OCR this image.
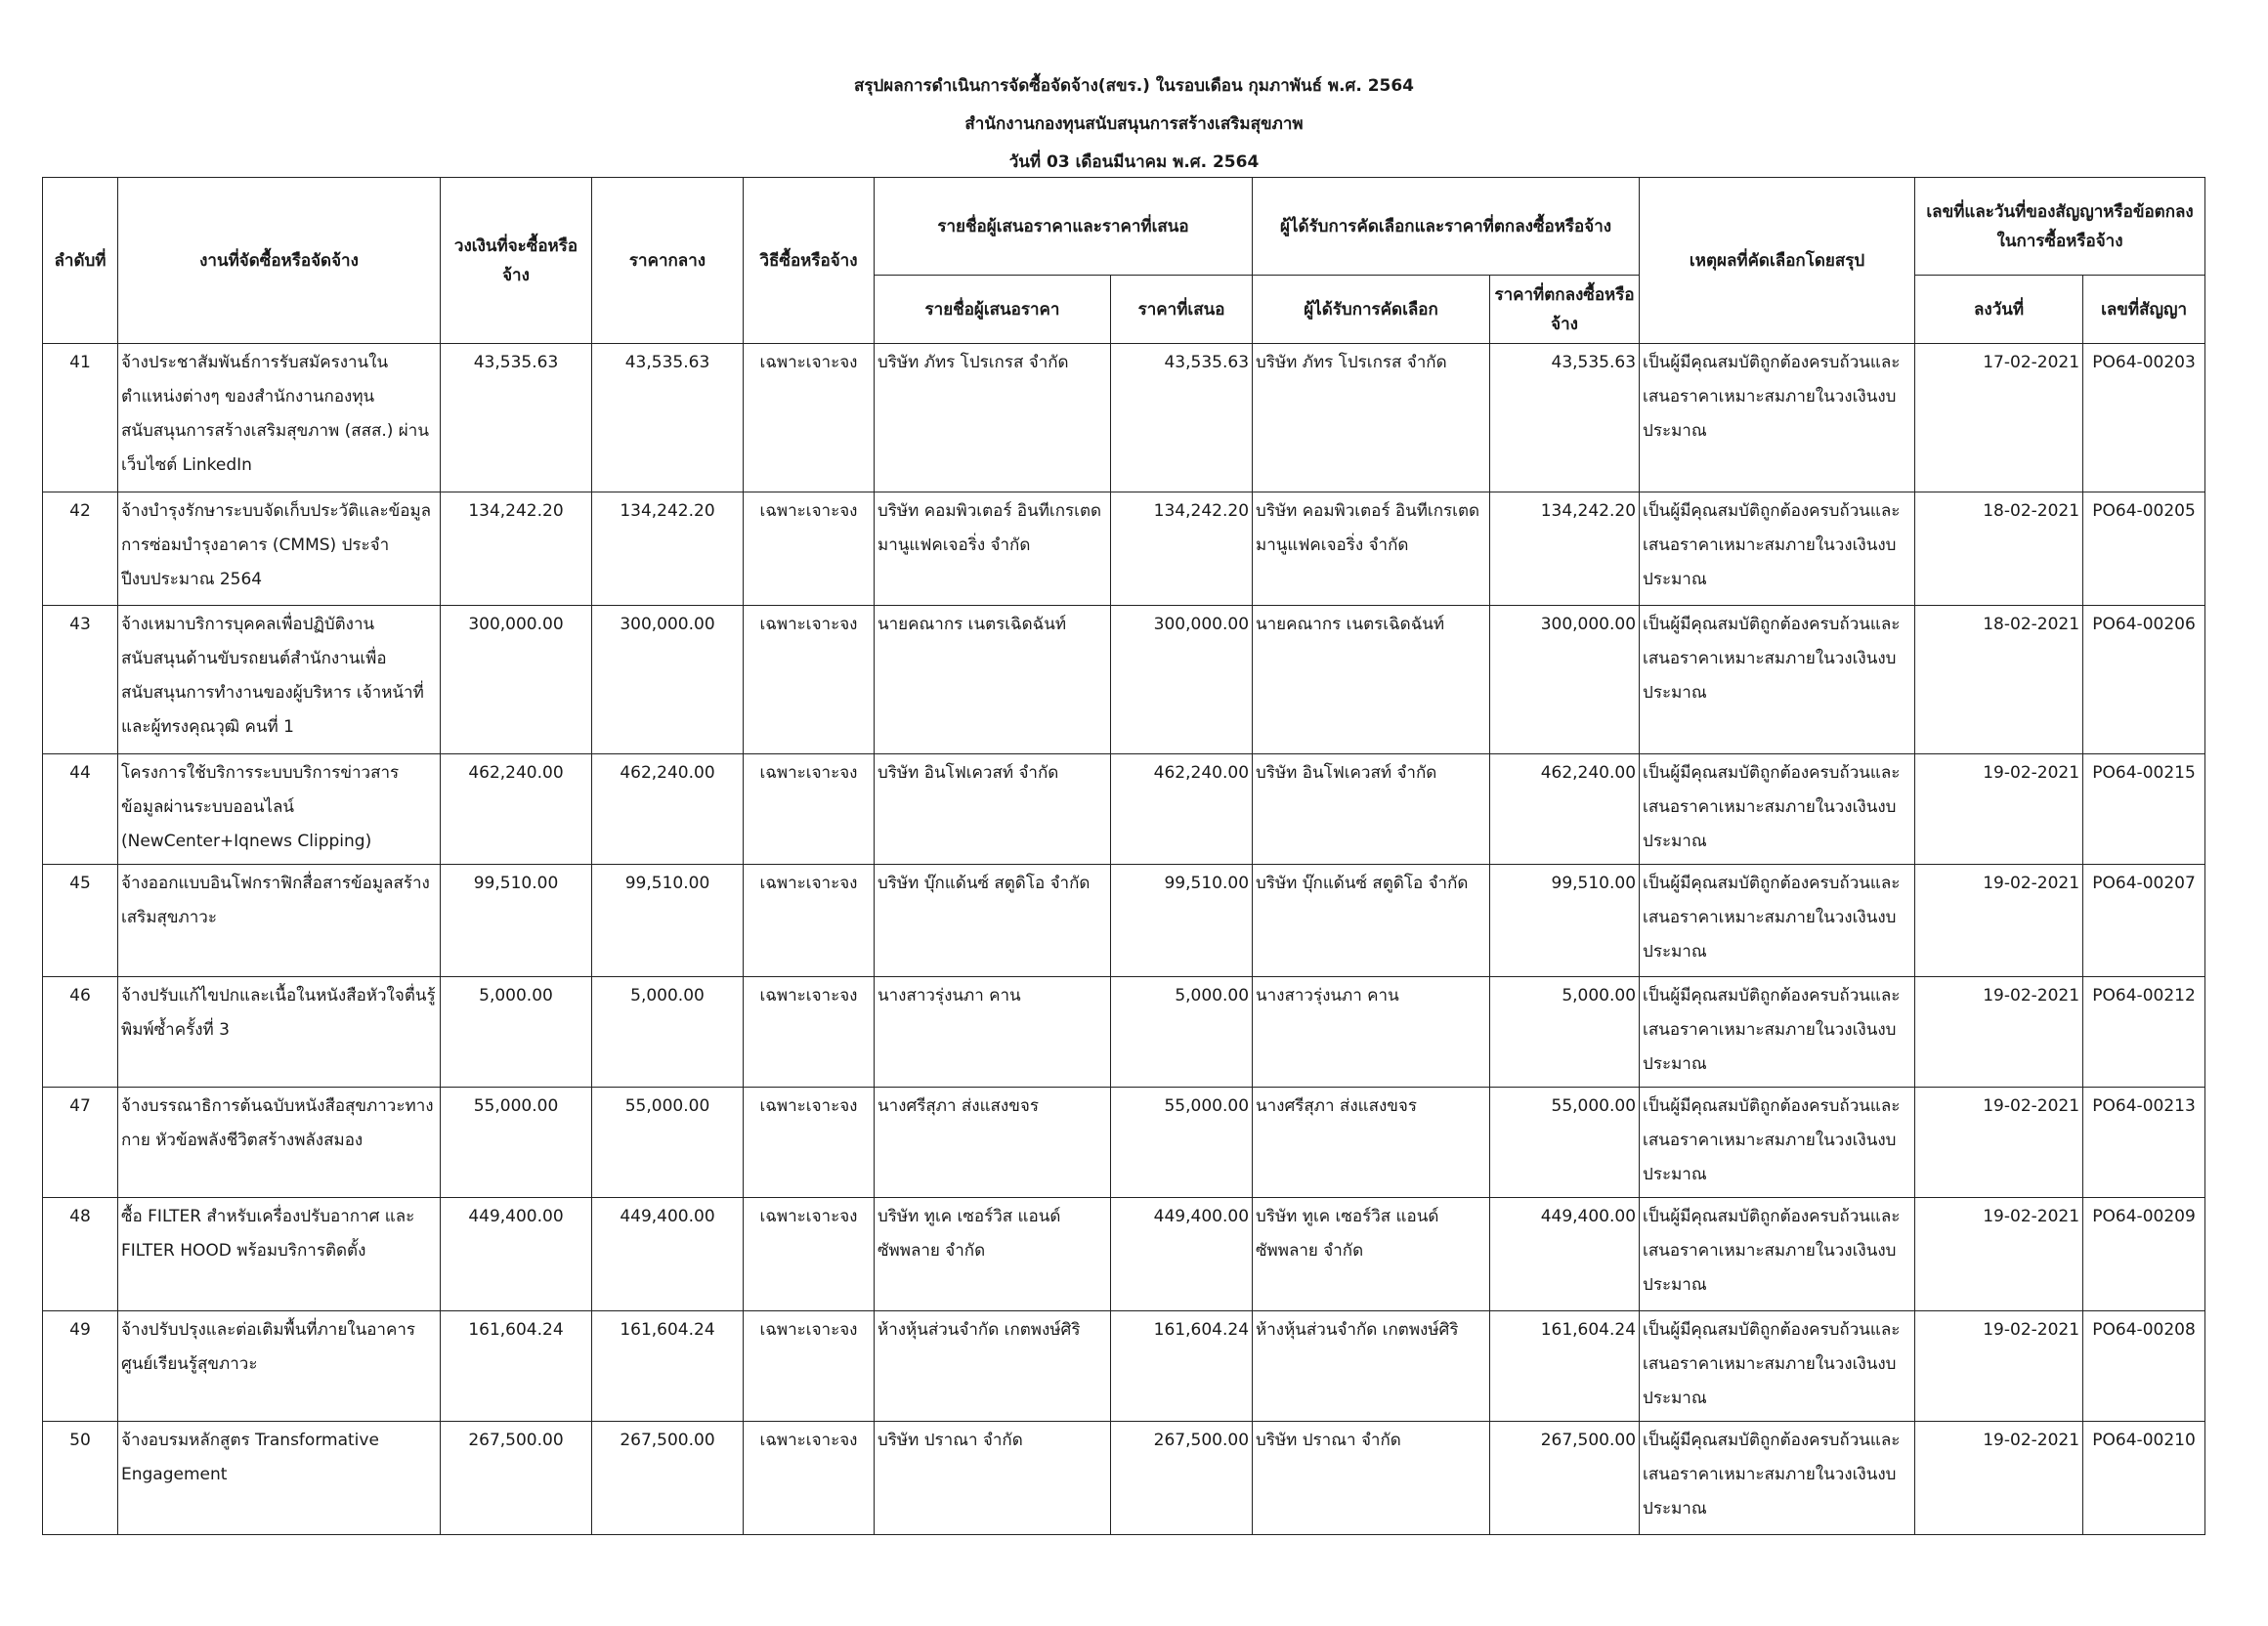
สรุปผลการดำเนินการจัดซื้อจัดจ้าง(สขร.) ในรอบเดือน กุมภาพันธ์ พ.ศ. 2564
สำนักงานกองทุนสนับสนุนการสร้างเสริมสุขภาพ
วันที่ 03 เดือนมีนาคม พ.ศ. 2564
ลำดับที่	งานที่จัดซื้อหรือจัดจ้าง	วงเงินที่จะซื้อหรือจ้าง	ราคากลาง	วิธีซื้อหรือจ้าง	รายชื่อผู้เสนอราคาและราคาที่เสนอ		ผู้ได้รับการคัดเลือกและราคาที่ตกลงซื้อหรือจ้าง		เหตุผลที่คัดเลือกโดยสรุป	เลขที่และวันที่ของสัญญาหรือข้อตกลงในการซื้อหรือจ้าง	
					รายชื่อผู้เสนอราคา	ราคาที่เสนอ	ผู้ได้รับการคัดเลือก	ราคาที่ตกลงซื้อหรือจ้าง		ลงวันที่	เลขที่สัญญา
41	จ้างประชาสัมพันธ์การรับสมัครงานในตำแหน่งต่างๆ ของสำนักงานกองทุนสนับสนุนการสร้างเสริมสุขภาพ (สสส.) ผ่านเว็บไซต์ LinkedIn	43,535.63	43,535.63	เฉพาะเจาะจง	บริษัท ภัทร โปรเกรส จำกัด	43,535.63	บริษัท ภัทร โปรเกรส จำกัด	43,535.63	เป็นผู้มีคุณสมบัติถูกต้องครบถ้วนและเสนอราคาเหมาะสมภายในวงเงินงบประมาณ	17-02-2021	PO64-00203
42	จ้างบำรุงรักษาระบบจัดเก็บประวัติและข้อมูลการซ่อมบำรุงอาคาร (CMMS) ประจำปีงบประมาณ 2564	134,242.20	134,242.20	เฉพาะเจาะจง	บริษัท คอมพิวเตอร์ อินทีเกรเตด มานูแฟคเจอริ่ง จำกัด	134,242.20	บริษัท คอมพิวเตอร์ อินทีเกรเตด มานูแฟคเจอริ่ง จำกัด	134,242.20	เป็นผู้มีคุณสมบัติถูกต้องครบถ้วนและเสนอราคาเหมาะสมภายในวงเงินงบประมาณ	18-02-2021	PO64-00205
43	จ้างเหมาบริการบุคคลเพื่อปฏิบัติงานสนับสนุนด้านขับรถยนต์สำนักงานเพื่อสนับสนุนการทำงานของผู้บริหาร เจ้าหน้าที่ และผู้ทรงคุณวุฒิ คนที่ 1	300,000.00	300,000.00	เฉพาะเจาะจง	นายคณากร เนตรเฉิดฉันท์	300,000.00	นายคณากร เนตรเฉิดฉันท์	300,000.00	เป็นผู้มีคุณสมบัติถูกต้องครบถ้วนและเสนอราคาเหมาะสมภายในวงเงินงบประมาณ	18-02-2021	PO64-00206
44	โครงการใช้บริการระบบบริการข่าวสารข้อมูลผ่านระบบออนไลน์ (NewCenter+Iqnews Clipping)	462,240.00	462,240.00	เฉพาะเจาะจง	บริษัท อินโฟเควสท์ จำกัด	462,240.00	บริษัท อินโฟเควสท์ จำกัด	462,240.00	เป็นผู้มีคุณสมบัติถูกต้องครบถ้วนและเสนอราคาเหมาะสมภายในวงเงินงบประมาณ	19-02-2021	PO64-00215
45	จ้างออกแบบอินโฟกราฟิกสื่อสารข้อมูลสร้างเสริมสุขภาวะ	99,510.00	99,510.00	เฉพาะเจาะจง	บริษัท บุ๊กแด้นซ์ สตูดิโอ จำกัด	99,510.00	บริษัท บุ๊กแด้นซ์ สตูดิโอ จำกัด	99,510.00	เป็นผู้มีคุณสมบัติถูกต้องครบถ้วนและเสนอราคาเหมาะสมภายในวงเงินงบประมาณ	19-02-2021	PO64-00207
46	จ้างปรับแก้ไขปกและเนื้อในหนังสือหัวใจตื่นรู้ พิมพ์ซ้ำครั้งที่ 3	5,000.00	5,000.00	เฉพาะเจาะจง	นางสาวรุ่งนภา คาน	5,000.00	นางสาวรุ่งนภา คาน	5,000.00	เป็นผู้มีคุณสมบัติถูกต้องครบถ้วนและเสนอราคาเหมาะสมภายในวงเงินงบประมาณ	19-02-2021	PO64-00212
47	จ้างบรรณาธิการต้นฉบับหนังสือสุขภาวะทางกาย หัวข้อพลังชีวิตสร้างพลังสมอง	55,000.00	55,000.00	เฉพาะเจาะจง	นางศรีสุภา ส่งแสงขจร	55,000.00	นางศรีสุภา ส่งแสงขจร	55,000.00	เป็นผู้มีคุณสมบัติถูกต้องครบถ้วนและเสนอราคาเหมาะสมภายในวงเงินงบประมาณ	19-02-2021	PO64-00213
48	ซื้อ FILTER สำหรับเครื่องปรับอากาศ และ FILTER HOOD พร้อมบริการติดตั้ง	449,400.00	449,400.00	เฉพาะเจาะจง	บริษัท ทูเค เซอร์วิส แอนด์ ซัพพลาย จำกัด	449,400.00	บริษัท ทูเค เซอร์วิส แอนด์ ซัพพลาย จำกัด	449,400.00	เป็นผู้มีคุณสมบัติถูกต้องครบถ้วนและเสนอราคาเหมาะสมภายในวงเงินงบประมาณ	19-02-2021	PO64-00209
49	จ้างปรับปรุงและต่อเติมพื้นที่ภายในอาคารศูนย์เรียนรู้สุขภาวะ	161,604.24	161,604.24	เฉพาะเจาะจง	ห้างหุ้นส่วนจำกัด เกตพงษ์ศิริ	161,604.24	ห้างหุ้นส่วนจำกัด เกตพงษ์ศิริ	161,604.24	เป็นผู้มีคุณสมบัติถูกต้องครบถ้วนและเสนอราคาเหมาะสมภายในวงเงินงบประมาณ	19-02-2021	PO64-00208
50	จ้างอบรมหลักสูตร Transformative Engagement	267,500.00	267,500.00	เฉพาะเจาะจง	บริษัท ปราณา จำกัด	267,500.00	บริษัท ปราณา จำกัด	267,500.00	เป็นผู้มีคุณสมบัติถูกต้องครบถ้วนและเสนอราคาเหมาะสมภายในวงเงินงบประมาณ	19-02-2021	PO64-00210
